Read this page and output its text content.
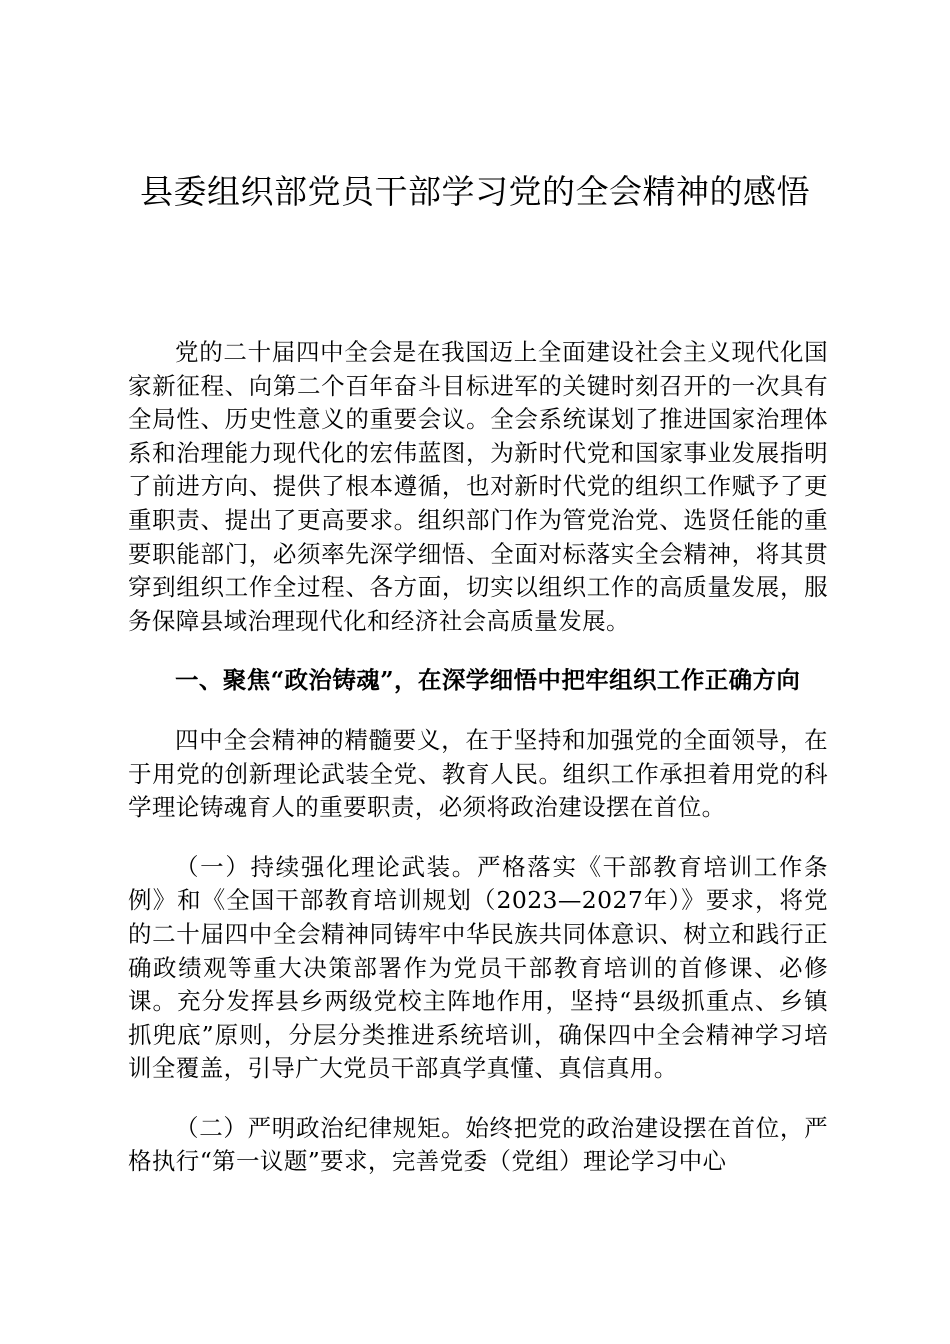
县委组织部党员干部学习党的全会精神的感悟

党的二十届四中全会是在我国迈上全面建设社会主义现代化国家新征程、向第二个百年奋斗目标进军的关键时刻召开的一次具有全局性、历史性意义的重要会议。全会系统谋划了推进国家治理体系和治理能力现代化的宏伟蓝图，为新时代党和国家事业发展指明了前进方向、提供了根本遵循，也对新时代党的组织工作赋予了更重职责、提出了更高要求。组织部门作为管党治党、选贤任能的重要职能部门，必须率先深学细悟、全面对标落实全会精神，将其贯穿到组织工作全过程、各方面，切实以组织工作的高质量发展，服务保障县域治理现代化和经济社会高质量发展。

一、聚焦“政治铸魂”，在深学细悟中把牢组织工作正确方向

四中全会精神的精髓要义，在于坚持和加强党的全面领导，在于用党的创新理论武装全党、教育人民。组织工作承担着用党的科学理论铸魂育人的重要职责，必须将政治建设摆在首位。

（一）持续强化理论武装。严格落实《干部教育培训工作条例》和《全国干部教育培训规划（2023—2027年）》要求，将党的二十届四中全会精神同铸牢中华民族共同体意识、树立和践行正确政绩观等重大决策部署作为党员干部教育培训的首修课、必修课。充分发挥县乡两级党校主阵地作用，坚持“县级抓重点、乡镇抓兜底”原则，分层分类推进系统培训，确保四中全会精神学习培训全覆盖，引导广大党员干部真学真懂、真信真用。

（二）严明政治纪律规矩。始终把党的政治建设摆在首位，严格执行“第一议题”要求，完善党委（党组）理论学习中心
